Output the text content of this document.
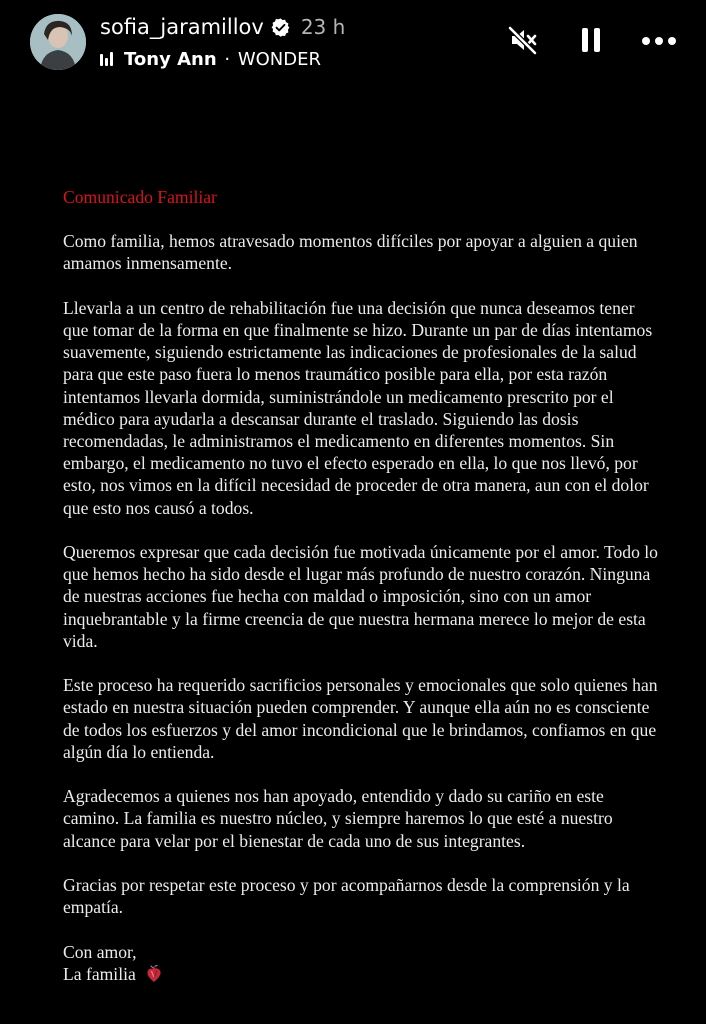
sofia_jaramillov 23 h
Tony Ann · WONDER
Comunicado Familiar

Como familia, hemos atravesado momentos difíciles por apoyar a alguien a quien amamos inmensamente.

Llevarla a un centro de rehabilitación fue una decisión que nunca deseamos tener que tomar de la forma en que finalmente se hizo. Durante un par de días intentamos suavemente, siguiendo estrictamente las indicaciones de profesionales de la salud para que este paso fuera lo menos traumático posible para ella, por esta razón intentamos llevarla dormida, suministrándole un medicamento prescrito por el médico para ayudarla a descansar durante el traslado. Siguiendo las dosis recomendadas, le administramos el medicamento en diferentes momentos. Sin embargo, el medicamento no tuvo el efecto esperado en ella, lo que nos llevó, por esto, nos vimos en la difícil necesidad de proceder de otra manera, aun con el dolor que esto nos causó a todos.

Queremos expresar que cada decisión fue motivada únicamente por el amor. Todo lo que hemos hecho ha sido desde el lugar más profundo de nuestro corazón. Ninguna de nuestras acciones fue hecha con maldad o imposición, sino con un amor inquebrantable y la firme creencia de que nuestra hermana merece lo mejor de esta vida.

Este proceso ha requerido sacrificios personales y emocionales que solo quienes han estado en nuestra situación pueden comprender. Y aunque ella aún no es consciente de todos los esfuerzos y del amor incondicional que le brindamos, confiamos en que algún día lo entienda.

Agradecemos a quienes nos han apoyado, entendido y dado su cariño en este camino. La familia es nuestro núcleo, y siempre haremos lo que esté a nuestro alcance para velar por el bienestar de cada uno de sus integrantes.

Gracias por respetar este proceso y por acompañarnos desde la comprensión y la empatía.

Con amor,
La familia
